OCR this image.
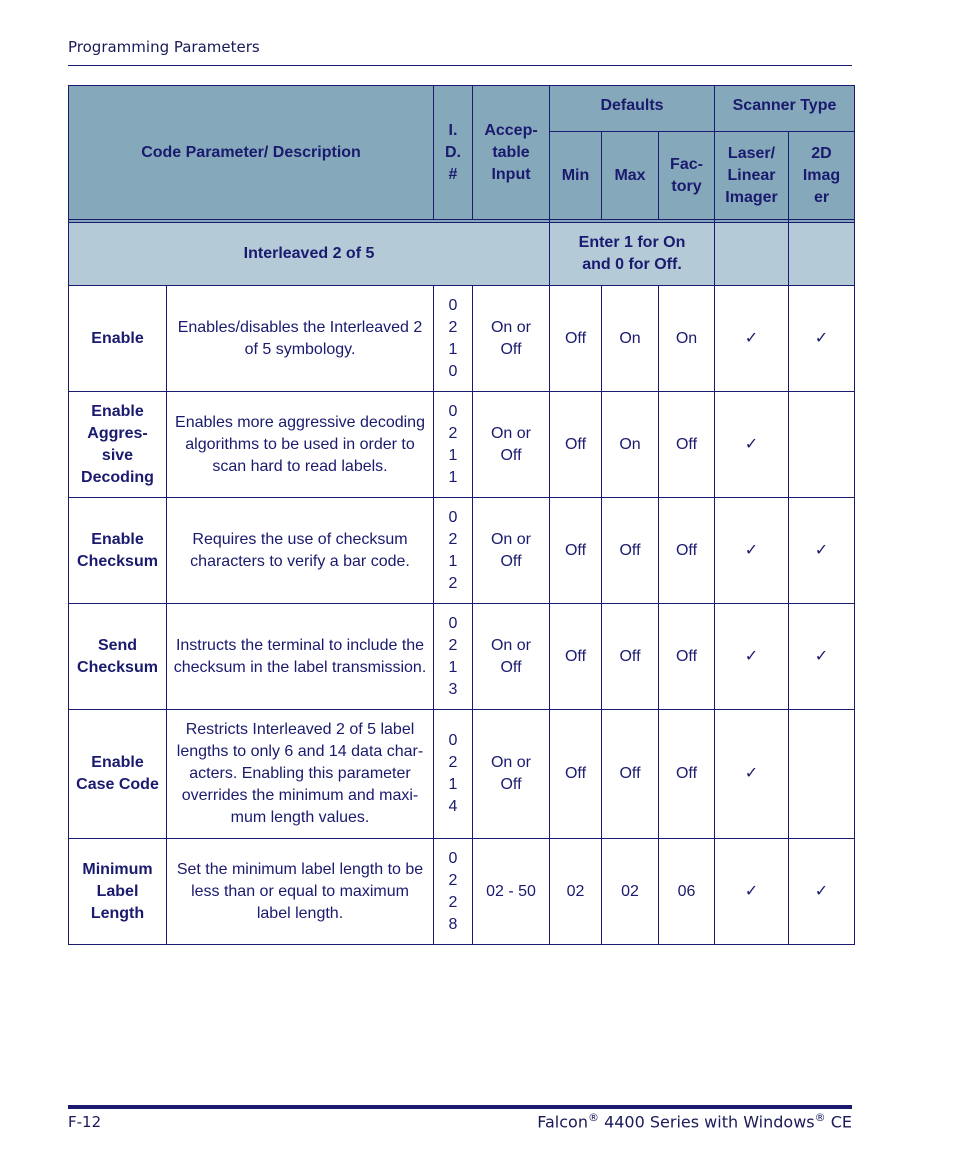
Programming Parameters
Code Parameter/ Description		I.
D.
#	Accep-
table
Input	Defaults			Scanner Type	
				Min	Max	Fac-
tory	Laser/
Linear
Imager	2D
Imag
er

Interleaved 2 of 5				Enter 1 for On
and 0 for Off.				
Enable	Enables/disables the Interleaved 2
of 5 symbology.	0
2
1
0	On or
Off	Off	On	On	✓	✓
Enable
Aggres-
sive
Decoding	Enables more aggressive decoding
algorithms to be used in order to
scan hard to read labels.	0
2
1
1	On or
Off	Off	On	Off	✓	
Enable
Checksum	Requires the use of checksum
characters to verify a bar code.	0
2
1
2	On or
Off	Off	Off	Off	✓	✓
Send
Checksum	Instructs the terminal to include the
checksum in the label transmission.	0
2
1
3	On or
Off	Off	Off	Off	✓	✓
Enable
Case Code	Restricts Interleaved 2 of 5 label
lengths to only 6 and 14 data char-
acters. Enabling this parameter
overrides the minimum and maxi-
mum length values.	0
2
1
4	On or
Off	Off	Off	Off	✓	
Minimum
Label
Length	Set the minimum label length to be
less than or equal to maximum
label length.	0
2
2
8	02 - 50	02	02	06	✓	✓
F-12	Falcon® 4400 Series with Windows® CE
